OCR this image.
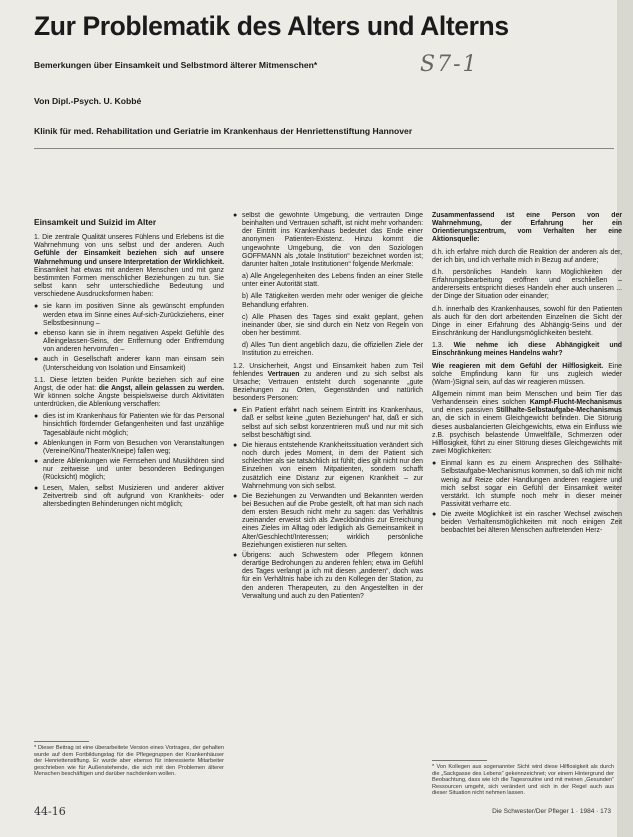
Zur Problematik des Alters und Alterns
Bemerkungen über Einsamkeit und Selbstmord älterer Mitmenschen*	S7-1
Von Dipl.-Psych. U. Kobbé
Klinik für med. Rehabilitation und Geriatrie im Krankenhaus der Henriettenstiftung Hannover
Einsamkeit und Suizid im Alter

1. Die zentrale Qualität unseres Fühlens und Erlebens ist die Wahrnehmung von uns selbst und der anderen. Auch Gefühle der Einsamkeit beziehen sich auf unsere Wahrnehmung und unsere Interpretation der Wirklichkeit. Einsamkeit hat etwas mit anderen Menschen und mit ganz bestimmten Formen menschlicher Beziehungen zu tun. Sie selbst kann sehr unterschiedliche Bedeutung und verschiedene Ausdrucksformen haben:

● sie kann im positiven Sinne als gewünscht empfunden werden etwa im Sinne eines Auf-sich-Zurückziehens, einer Selbstbesinnung –
● ebenso kann sie in ihrem negativen Aspekt Gefühle des Alleingelassen-Seins, der Entfernung oder Entfremdung von anderen hervorrufen –
● auch in Gesellschaft anderer kann man einsam sein (Unterscheidung von Isolation und Einsamkeit)

1.1. Diese letzten beiden Punkte beziehen sich auf eine Angst, die oder hat: die Angst, allein gelassen zu werden. Wir können solche Ängste beispielsweise durch Aktivitäten unterdrücken, die Ablenkung verschaffen:

● dies ist im Krankenhaus für Patienten wie für das Personal hinsichtlich fördernder Gefangenheiten und fast unzählige Tagesabläufe nicht möglich;
● Ablenkungen in Form von Besuchen von Veranstaltungen (Vereine/Kino/Theater/Kneipe) fallen weg;
● andere Ablenkungen wie Fernsehen und Musikhören sind nur zeitweise und unter besonderen Bedingungen (Rücksicht) möglich;
● Lesen, Malen, selbst Musizieren und anderer aktiver Zeitvertreib sind oft aufgrund von Krankheits- oder altersbedingten Behinderungen nicht möglich;
* Dieser Beitrag ist eine überarbeitete Version eines Vortrages, der gehalten wurde auf dem Fortbildungstag für die Pflegegruppen der Krankenhäuser der Henriettenstiftung. Er wurde aber ebenso für interessierte Mitarbeiter geschrieben wie für Außenstehende, die sich mit den Problemen älterer Menschen beschäftigen und darüber nachdenken wollen.
● selbst die gewohnte Umgebung, die vertrauten Dinge beinhalten und Vertrauen schafft, ist nicht mehr vorhanden: der Eintritt ins Krankenhaus bedeutet das Ende einer anonymen Patienten-Existenz. Hinzu kommt die ungewohnte Umgebung, die von den Soziologen GOFFMANN als „totale Institution“ bezeichnet worden ist; darunter halten „totale Institutionen“ folgende Merkmale:

a) Alle Angelegenheiten des Lebens finden an einer Stelle unter einer Autorität statt.

b) Alle Tätigkeiten werden mehr oder weniger die gleiche Behandlung erfahren.

c) Alle Phasen des Tages sind exakt geplant, gehen ineinander über, sie sind durch ein Netz von Regeln von oben her bestimmt.

d) Alles Tun dient angeblich dazu, die offiziellen Ziele der Institution zu erreichen.

1.2. Unsicherheit, Angst und Einsamkeit haben zum Teil fehlendes Vertrauen zu anderen und zu sich selbst als Ursache; Vertrauen entsteht durch sogenannte „gute Beziehungen zu Orten, Gegenständen und natürlich besonders Personen:

● Ein Patient erfährt nach seinem Eintritt ins Krankenhaus, daß er selbst keine „guten Beziehungen“ hat, daß er sich selbst auf sich selbst konzentrieren muß und nur mit sich selbst beschäftigt sind.
● Die hieraus entstehende Krankheitssituation verändert sich noch durch jedes Moment, in dem der Patient sich schlechter als sie tatsächlich ist fühlt; dies gilt nicht nur den Einzelnen von einem Mitpatienten, sondern schafft zusätzlich eine Distanz zur eigenen Krankheit – zur Wahrnehmung von sich selbst.
● Die Beziehungen zu Verwandten und Bekannten werden bei Besuchen auf die Probe gestellt, oft hat man sich nach dem ersten Besuch nicht mehr zu sagen: das Verhältnis zueinander erweist sich als Zweckbündnis zur Erreichung eines Zieles im Alltag oder lediglich als Gemeinsamkeit in Alter/Geschlecht/Interessen; wirklich persönliche Beziehungen existieren nur selten.
● Übrigens: auch Schwestern oder Pflegern können derartige Bedrohungen zu anderen fehlen; etwa im Gefühl des Tages verlangt ja ich mit diesen „anderen“, doch was für ein Verhältnis habe ich zu den Kollegen der Station, zu den anderen Therapeuten, zu den Angestellten in der Verwaltung und auch zu den Patienten?

Zusammenfassend ist eine Person von der Wahrnehmung, der Erfahrung her ein Orientierungszentrum, vom Verhalten her eine Aktionsquelle:

d.h. ich erfahre mich durch die Reaktion der anderen als der, der ich bin, und ich verhalte mich in Bezug auf andere;

d.h. persönliches Handeln kann Möglichkeiten der Erfahrungsbearbeitung eröffnen und erschließen – andererseits entspricht dieses Handeln eher auch unseren ... der Dinge der Situation oder einander;

d.h. innerhalb des Krankenhauses, sowohl für den Patienten als auch für den dort arbeitenden Einzelnen die Sicht der Dinge in einer Erfahrung des Abhängig-Seins und der Einschränkung der Handlungsmöglichkeiten besteht.

1.3. Wie nehme ich diese Abhängigkeit und Einschränkung meines Handelns wahr?

Wie reagieren mit dem Gefühl der Hilflosigkeit. Eine solche Empfindung kann für uns zugleich wieder (Warn-)Signal sein, auf das wir reagieren müssen.

Allgemein nimmt man beim Menschen und beim Tier das Verhandensein eines solchen Kampf-Flucht-Mechanismus und eines passiven Stillhalte-Selbstaufgabe-Mechanismus an, die sich in einem Gleichgewicht befinden. Die Störung dieses ausbalancierten Gleichgewichts, etwa ein Einfluss wie z.B. psychisch belastende Umweltfälle, Schmerzen oder Hilflosigkeit, führt zu einer Störung dieses Gleichgewichts mit zwei Möglichkeiten:

● Einmal kann es zu einem Ansprechen des Stillhalte-Selbstaufgabe-Mechanismus kommen, so daß ich mir nicht wenig auf Reize oder Handlungen anderen reagiere und mich selbst sogar ein Gefühl der Einsamkeit weiter verstärkt. Ich stumpfe noch mehr in dieser meiner Passivität verharre etc.
● Die zweite Möglichkeit ist ein rascher Wechsel zwischen beiden Verhaltensmöglichkeiten mit noch einigen Zeit beobachtet bei älteren Menschen auftretenden Herz-
* Von Kollegen aus sogenannter Sicht wird diese Hilflosigkeit als durch die „Sackgasse des Lebens“ gekennzeichnet; vor einem Hintergrund der Beobachtung, dass wie ich die Tagesroutine und mit meinen „Gesunden“ Ressourcen umgeht, sich verändert und sich in der Regel auch aus dieser Situation nicht nehmen lassen.
44-16	Die Schwester/Der Pfleger 1 · 1984 · 173
